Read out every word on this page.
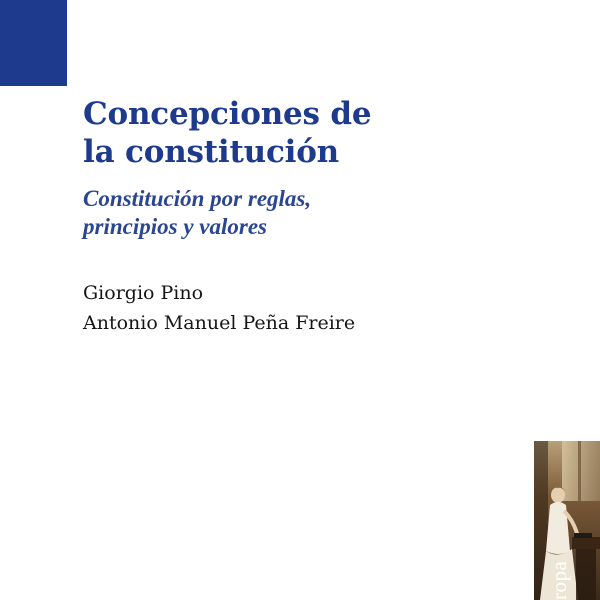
Concepciones de
la constitución
Constitución por reglas,
principios y valores
Giorgio Pino
Antonio Manuel Peña Freire
ropa
